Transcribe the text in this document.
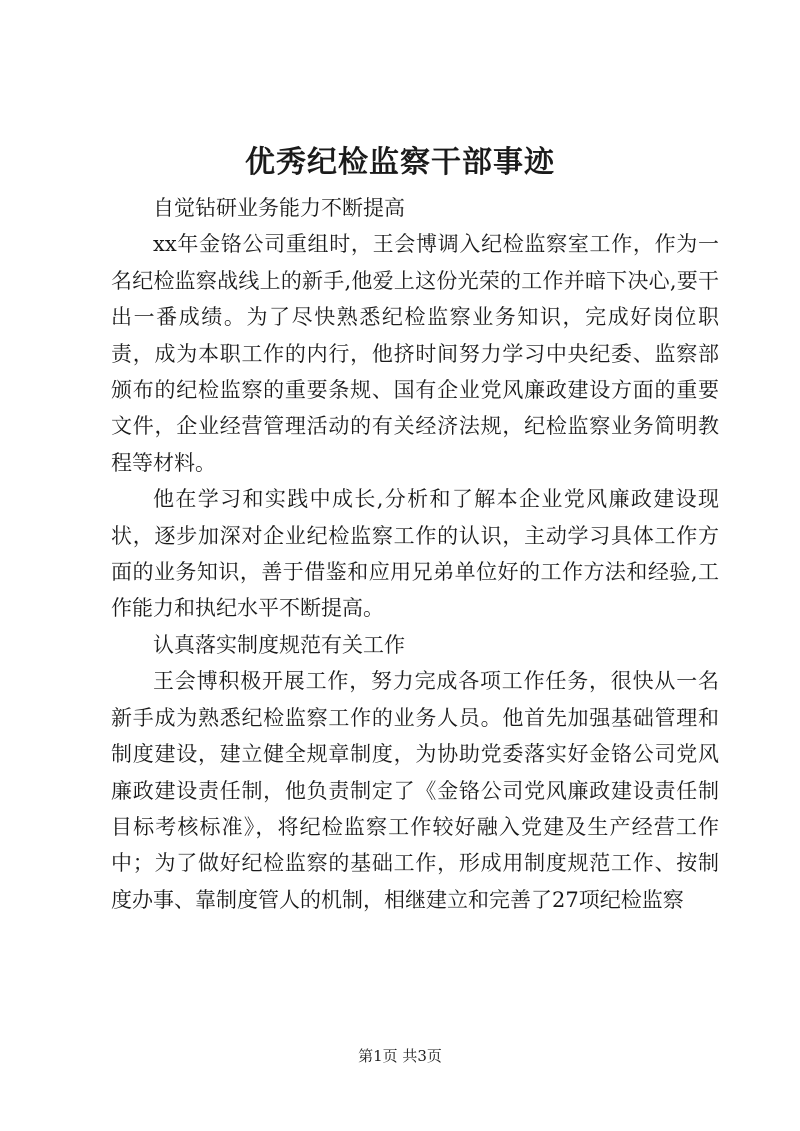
优秀纪检监察干部事迹

自觉钻研业务能力不断提高

xx年金铬公司重组时，王会博调入纪检监察室工作，作为一名纪检监察战线上的新手,他爱上这份光荣的工作并暗下决心,要干出一番成绩。为了尽快熟悉纪检监察业务知识，完成好岗位职责，成为本职工作的内行，他挤时间努力学习中央纪委、监察部颁布的纪检监察的重要条规、国有企业党风廉政建设方面的重要文件，企业经营管理活动的有关经济法规，纪检监察业务简明教程等材料。

他在学习和实践中成长,分析和了解本企业党风廉政建设现状，逐步加深对企业纪检监察工作的认识，主动学习具体工作方面的业务知识，善于借鉴和应用兄弟单位好的工作方法和经验,工作能力和执纪水平不断提高。

认真落实制度规范有关工作

王会博积极开展工作，努力完成各项工作任务，很快从一名新手成为熟悉纪检监察工作的业务人员。他首先加强基础管理和制度建设，建立健全规章制度，为协助党委落实好金铬公司党风廉政建设责任制，他负责制定了《金铬公司党风廉政建设责任制目标考核标准》，将纪检监察工作较好融入党建及生产经营工作中；为了做好纪检监察的基础工作，形成用制度规范工作、按制度办事、靠制度管人的机制，相继建立和完善了27项纪检监察

第1页 共3页
